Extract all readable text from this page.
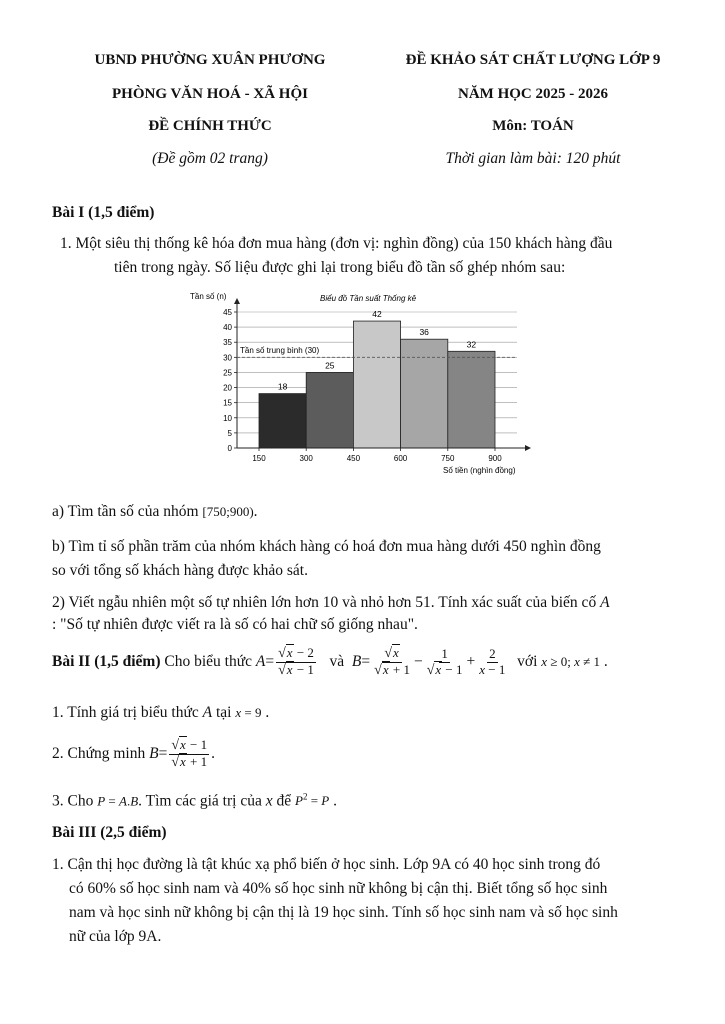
UBND PHƯỜNG XUÂN PHƯƠNG
PHÒNG VĂN HOÁ - XÃ HỘI
ĐỀ CHÍNH THỨC
(Đề gồm 02 trang)
ĐỀ KHẢO SÁT CHẤT LƯỢNG LỚP 9
NĂM HỌC 2025 - 2026
Môn: TOÁN
Thời gian làm bài: 120 phút
Bài I (1,5 điểm)
1. Một siêu thị thống kê hóa đơn mua hàng (đơn vị: nghìn đồng) của 150 khách hàng đầu
tiên trong ngày. Số liệu được ghi lại trong biểu đồ tần số ghép nhóm sau:
0
5
10
15
20
25
30
35
40
45
150	300	450	600	750	900
18
25
42
36
32
Biểu đồ Tần suất Thống kê
Tần số (n)
Số tiền (nghìn đồng)
Tần số trung bình (30)
a) Tìm tần số của nhóm [750;900).
b) Tìm tỉ số phần trăm của nhóm khách hàng có hoá đơn mua hàng dưới 450 nghìn đồng
so với tổng số khách hàng được khảo sát.
2) Viết ngẫu nhiên một số tự nhiên lớn hơn 10 và nhỏ hơn 51. Tính xác suất của biến cố A
: "Số tự nhiên được viết ra là số có hai chữ số giống nhau".
Bài II (1,5 điểm) Cho biểu thức $A= \frac{√x - 2}{√x - 1}$ và $B= \frac{√x}{√x + 1} - \frac{1}{√x - 1} + \frac{2}{x - 1}$ với x ≥ 0; x ≠ 1 .
1. Tính giá trị biểu thức A tại x = 9 .
2. Chứng minh $B= \frac{√x - 1}{√x + 1}$ .
3. Cho P = A.B. Tìm các giá trị của x để $P^2 = P$ .
Bài III (2,5 điểm)
1. Cận thị học đường là tật khúc xạ phổ biến ở học sinh. Lớp 9A có 40 học sinh trong đó
có 60% số học sinh nam và 40% số học sinh nữ không bị cận thị. Biết tổng số học sinh
nam và học sinh nữ không bị cận thị là 19 học sinh. Tính số học sinh nam và số học sinh
nữ của lớp 9A.
